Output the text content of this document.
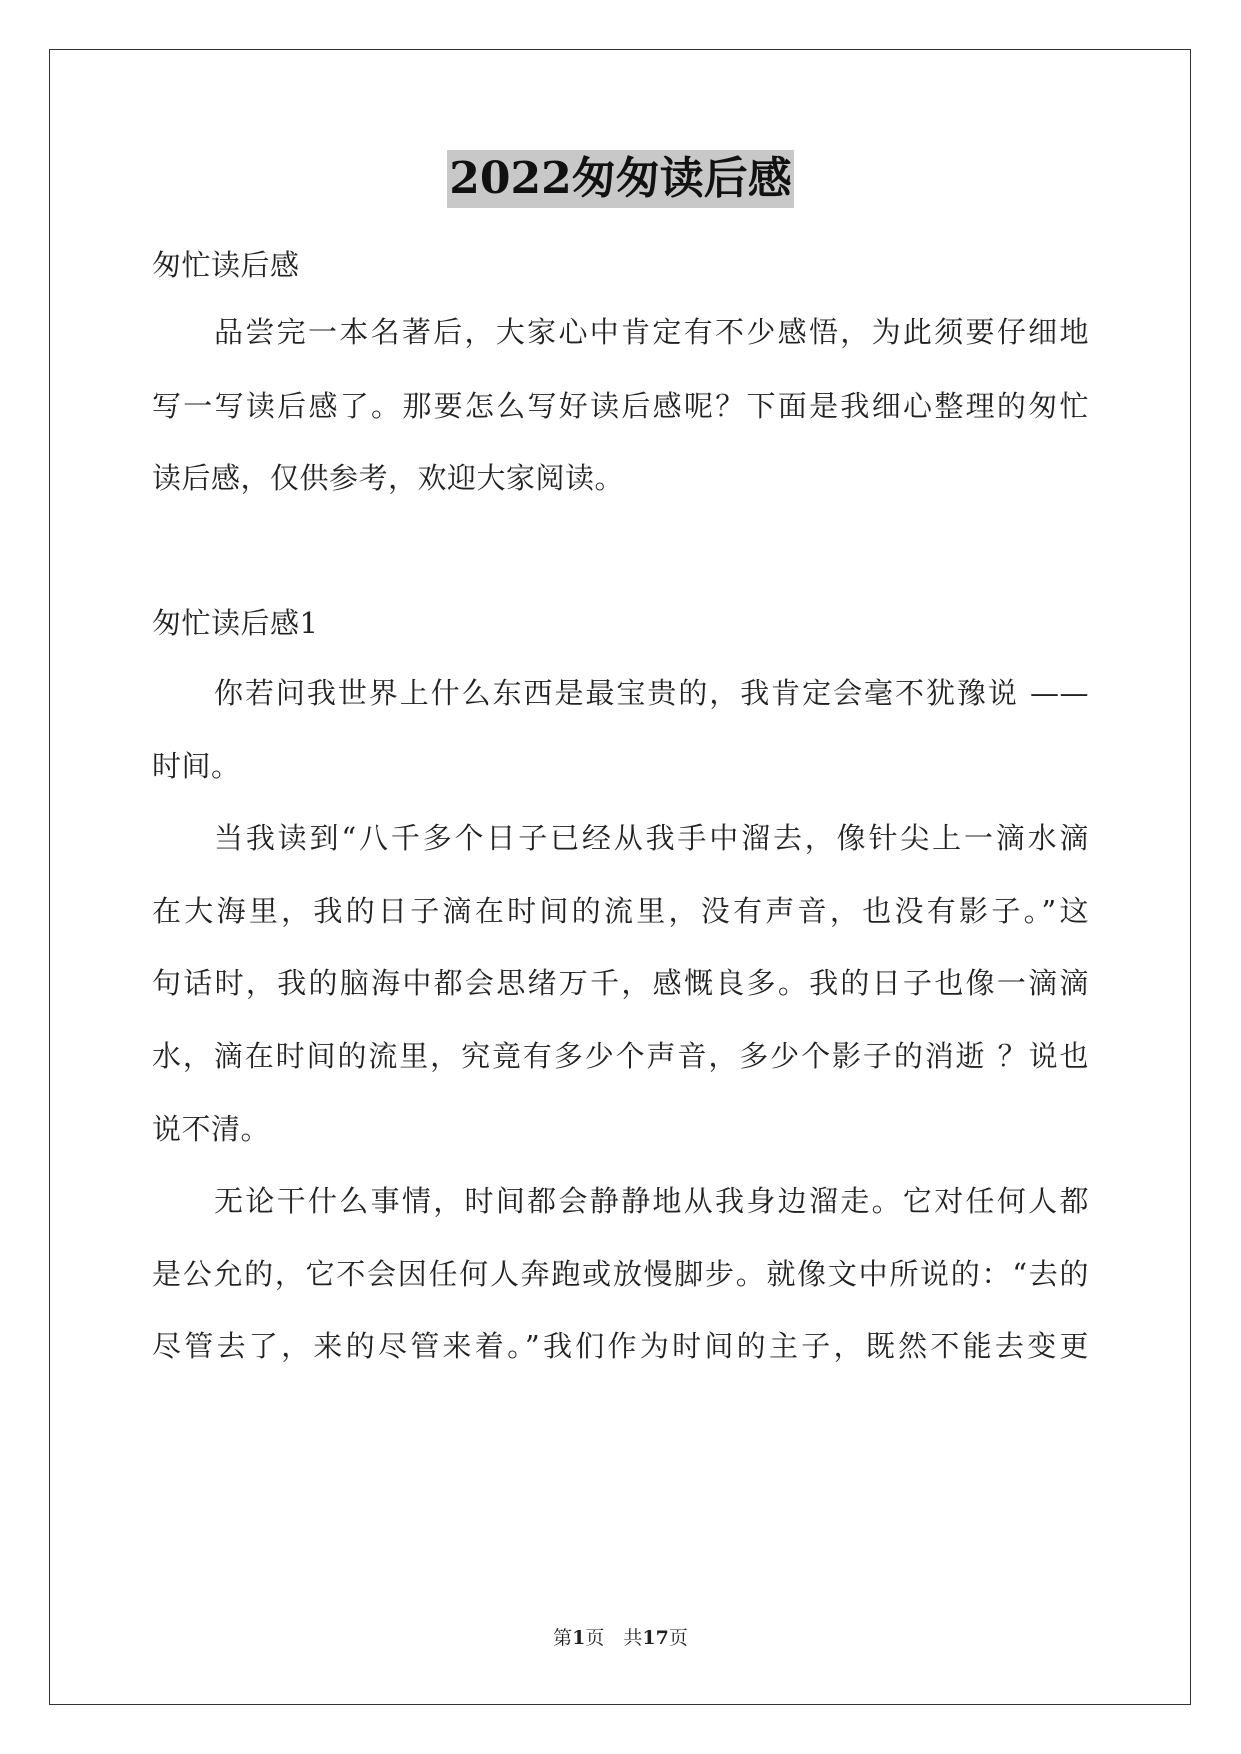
2022匆匆读后感
匆忙读后感
品尝完一本名著后，大家心中肯定有不少感悟，为此须要仔细地
写一写读后感了。那要怎么写好读后感呢？下面是我细心整理的匆忙
读后感，仅供参考，欢迎大家阅读。
匆忙读后感1
你若问我世界上什么东西是最宝贵的，我肯定会毫不犹豫说 ——
时间。
当我读到“八千多个日子已经从我手中溜去，像针尖上一滴水滴
在大海里，我的日子滴在时间的流里，没有声音，也没有影子。”这
句话时，我的脑海中都会思绪万千，感慨良多。我的日子也像一滴滴
水，滴在时间的流里，究竟有多少个声音，多少个影子的消逝 ？说也
说不清。
无论干什么事情，时间都会静静地从我身边溜走。它对任何人都
是公允的，它不会因任何人奔跑或放慢脚步。就像文中所说的：“去的
尽管去了，来的尽管来着。”我们作为时间的主子，既然不能去变更
第1页　共17页
